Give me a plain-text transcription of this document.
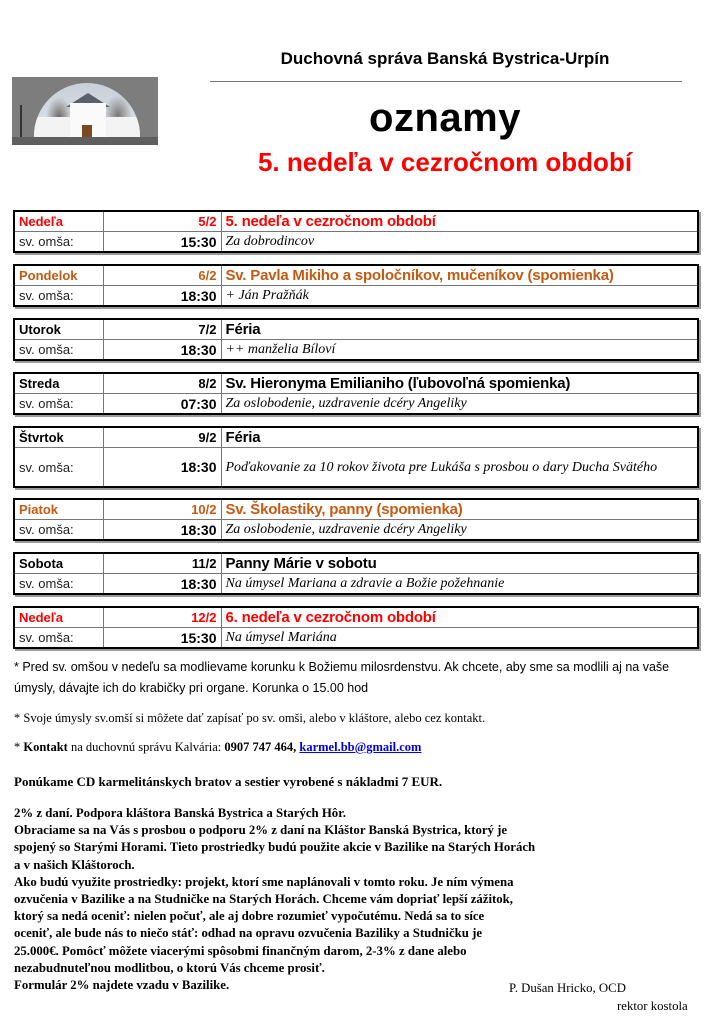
Duchovná správa Banská Bystrica-Urpín
oznamy
5. nedeľa v cezročnom období
Nedeľa	5/2	5. nedeľa v cezročnom období
sv. omša:	15:30	Za dobrodincov
Pondelok	6/2	Sv. Pavla Mikiho a spoločníkov, mučeníkov (spomienka)
sv. omša:	18:30	+ Ján Pražňák
Utorok	7/2	Féria
sv. omša:	18:30	++ manželia Bíloví
Streda	8/2	Sv. Hieronyma Emilianiho (ľubovoľná spomienka)
sv. omša:	07:30	Za oslobodenie, uzdravenie dcéry Angeliky
Štvrtok	9/2	Féria
sv. omša:	18:30	Poďakovanie za 10 rokov života pre Lukáša s prosbou o dary Ducha Svätého
Piatok	10/2	Sv. Školastiky, panny (spomienka)
sv. omša:	18:30	Za oslobodenie, uzdravenie dcéry Angeliky
Sobota	11/2	Panny Márie v sobotu
sv. omša:	18:30	Na úmysel Mariana a zdravie a Božie požehnanie
Nedeľa	12/2	6. nedeľa v cezročnom období
sv. omša:	15:30	Na úmysel Mariána
* Pred sv. omšou v nedeľu sa modlievame korunku k Božiemu milosrdenstvu. Ak chcete, aby sme sa modlili aj na vaše úmysly, dávajte ich do krabičky pri organe. Korunka o 15.00 hod
* Svoje úmysly sv.omší si môžete dať zapísať po sv. omši, alebo v kláštore, alebo cez kontakt.
* Kontakt na duchovnú správu Kalvária: 0907 747 464, karmel.bb@gmail.com
Ponúkame CD karmelitánskych bratov a sestier vyrobené s nákladmi 7 EUR.
2% z daní. Podpora kláštora Banská Bystrica a Starých Hôr.
Obraciame sa na Vás s prosbou o podporu 2% z daní na Kláštor Banská Bystrica, ktorý je
spojený so Starými Horami. Tieto prostriedky budú použite akcie v Bazilike na Starých Horách
a v našich Kláštoroch.
Ako budú využite prostriedky: projekt, ktorí sme naplánovali v tomto roku. Je ním výmena
ozvučenia v Bazilike a na Studničke na Starých Horách. Chceme vám dopriať lepší zážitok,
ktorý sa nedá oceniť: nielen počuť, ale aj dobre rozumieť vypočutému. Nedá sa to síce
oceniť, ale bude nás to niečo stáť: odhad na opravu ozvučenia Baziliky a Studničku je
25.000€. Pomôcť môžete viacerými spôsobmi finančným darom, 2-3% z dane alebo
nezabudnuteľnou modlitbou, o ktorú Vás chceme prosiť.
Formulár 2% najdete vzadu v Bazilike.	P. Dušan Hricko, OCD
rektor kostola
